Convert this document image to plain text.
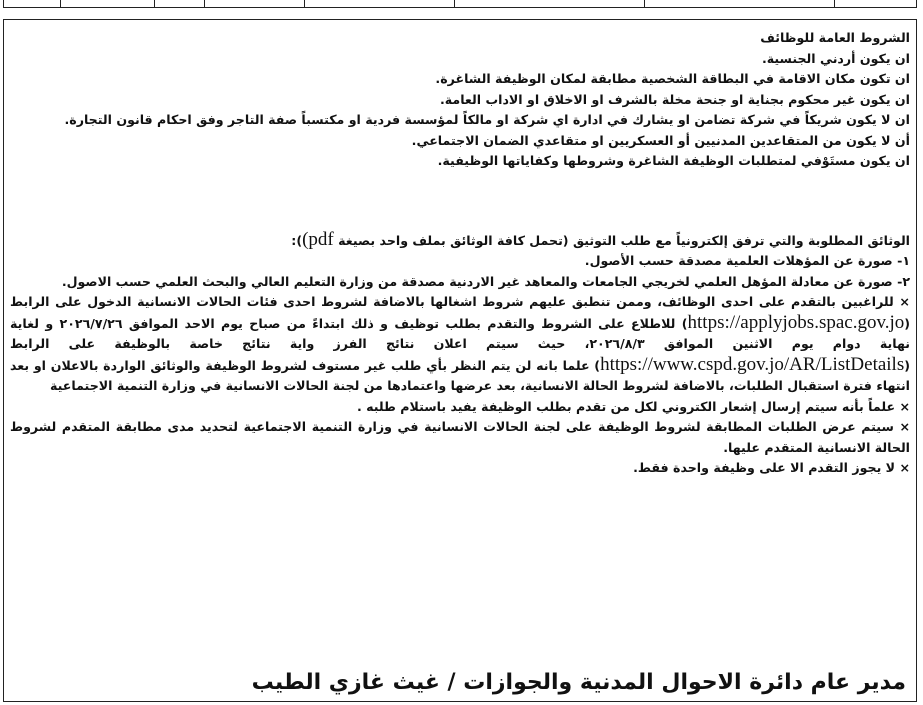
الشروط العامة للوظائف

ان يكون أردني الجنسية.

ان تكون مكان الاقامة في البطاقة الشخصية مطابقة لمكان الوظيفة الشاغرة.

ان يكون غير محكوم بجناية او جنحة مخلة بالشرف او الاخلاق او الاداب العامة.

ان لا يكون شريكاً في شركة تضامن او يشارك في ادارة اي شركة او مالكاً لمؤسسة فردية او مكتسباً صفة التاجر وفق احكام قانون التجارة.

أن لا يكون من المتقاعدين المدنيين أو العسكريين او متقاعدي الضمان الاجتماعي.

ان يكون مستَوْفي لمتطلبات الوظيفة الشاغرة وشروطها وكفاياتها الوظيفية.

الوثائق المطلوبة والتي ترفق إلكترونياً مع طلب التوثيق (تحمل كافة الوثائق بملف واحد بصيغة (pdf):

١- صورة عن المؤهلات العلمية مصدقة حسب الأصول.

٢- صورة عن معادلة المؤهل العلمي لخريجي الجامعات والمعاهد غير الاردنية مصدقة من وزارة التعليم العالي والبحث العلمي حسب الاصول.

× للراغبين بالتقدم على احدى الوظائف، وممن تنطبق عليهم شروط اشغالها بالاضافة لشروط احدى فئات الحالات الانسانية الدخول على الرابط (https://applyjobs.spac.gov.jo) للاطلاع على الشروط والتقدم بطلب توظيف و ذلك ابتداءً من صباح يوم الاحد الموافق ٢٠٢٦/٧/٢٦ و لغاية نهاية دوام يوم الاثنين الموافق ٢٠٢٦/٨/٣، حيث سيتم اعلان نتائج الفرز واية نتائج خاصة بالوظيفة على الرابط (https://www.cspd.gov.jo/AR/ListDetails) علما بانه لن يتم النظر بأي طلب غير مستوف لشروط الوظيفة والوثائق الواردة بالاعلان او بعد انتهاء فترة استقبال الطلبات، بالاضافة لشروط الحالة الانسانية، بعد عرضها واعتمادها من لجنة الحالات الانسانية في وزارة التنمية الاجتماعية

× علماً بأنه سيتم إرسال إشعار الكتروني لكل من تقدم بطلب الوظيفة يفيد باستلام طلبه .

× سيتم عرض الطلبات المطابقة لشروط الوظيفة على لجنة الحالات الانسانية في وزارة التنمية الاجتماعية لتحديد مدى مطابقة المتقدم لشروط الحالة الانسانية المتقدم عليها.

× لا يجوز التقدم الا على وظيفة واحدة فقط.

مدير عام دائرة الاحوال المدنية والجوازات / غيث غازي الطيب
